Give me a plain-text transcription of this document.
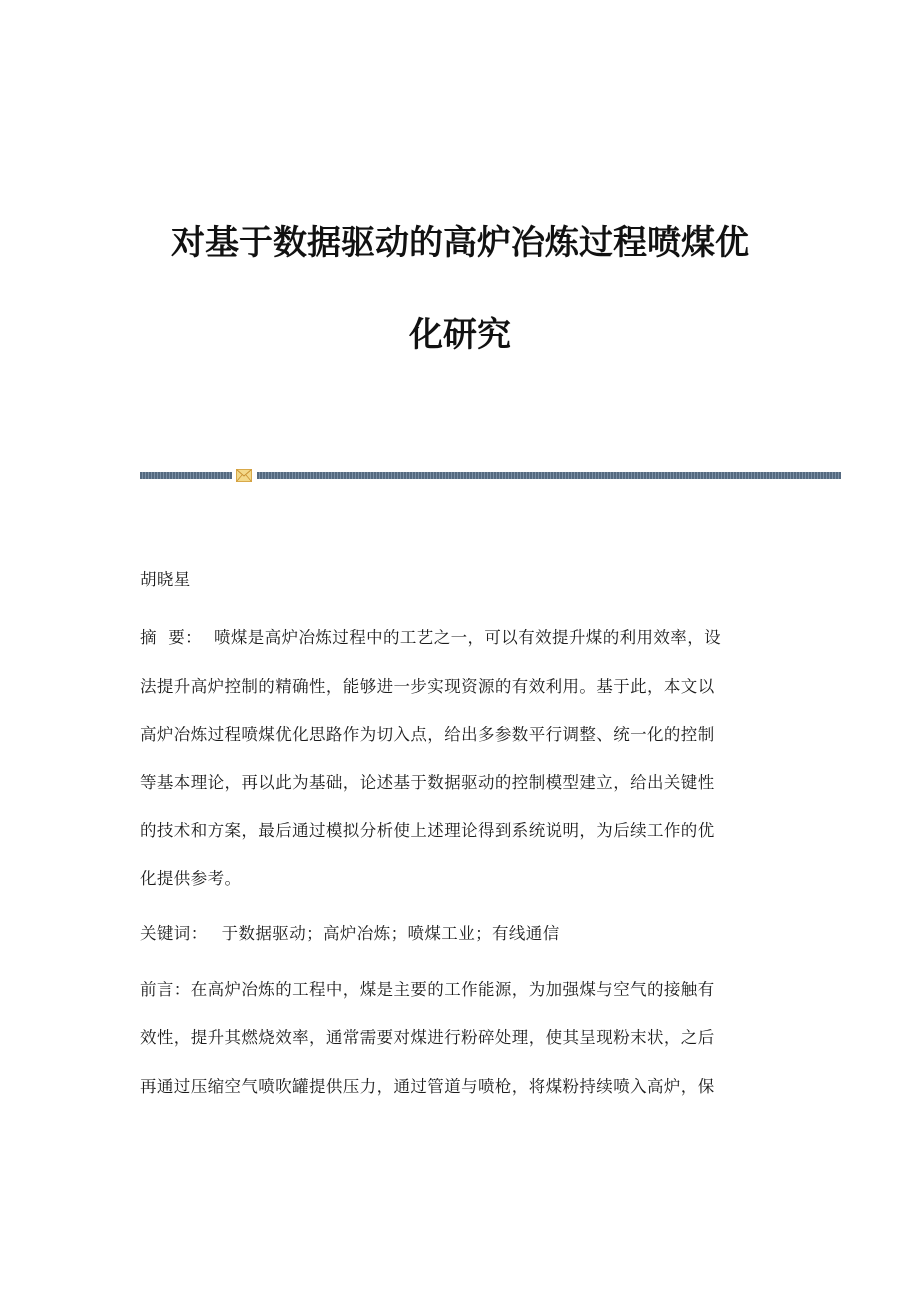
对基于数据驱动的高炉冶炼过程喷煤优
化研究
胡晓星
摘  要： 喷煤是高炉冶炼过程中的工艺之一，可以有效提升煤的利用效率，设
法提升高炉控制的精确性，能够进一步实现资源的有效利用。基于此，本文以
高炉冶炼过程喷煤优化思路作为切入点，给出多参数平行调整、统一化的控制
等基本理论，再以此为基础，论述基于数据驱动的控制模型建立，给出关键性
的技术和方案，最后通过模拟分析使上述理论得到系统说明，为后续工作的优
化提供参考。
关键词： 于数据驱动；高炉冶炼；喷煤工业；有线通信
前言：在高炉冶炼的工程中，煤是主要的工作能源，为加强煤与空气的接触有
效性，提升其燃烧效率，通常需要对煤进行粉碎处理，使其呈现粉末状，之后
再通过压缩空气喷吹罐提供压力，通过管道与喷枪，将煤粉持续喷入高炉，保
